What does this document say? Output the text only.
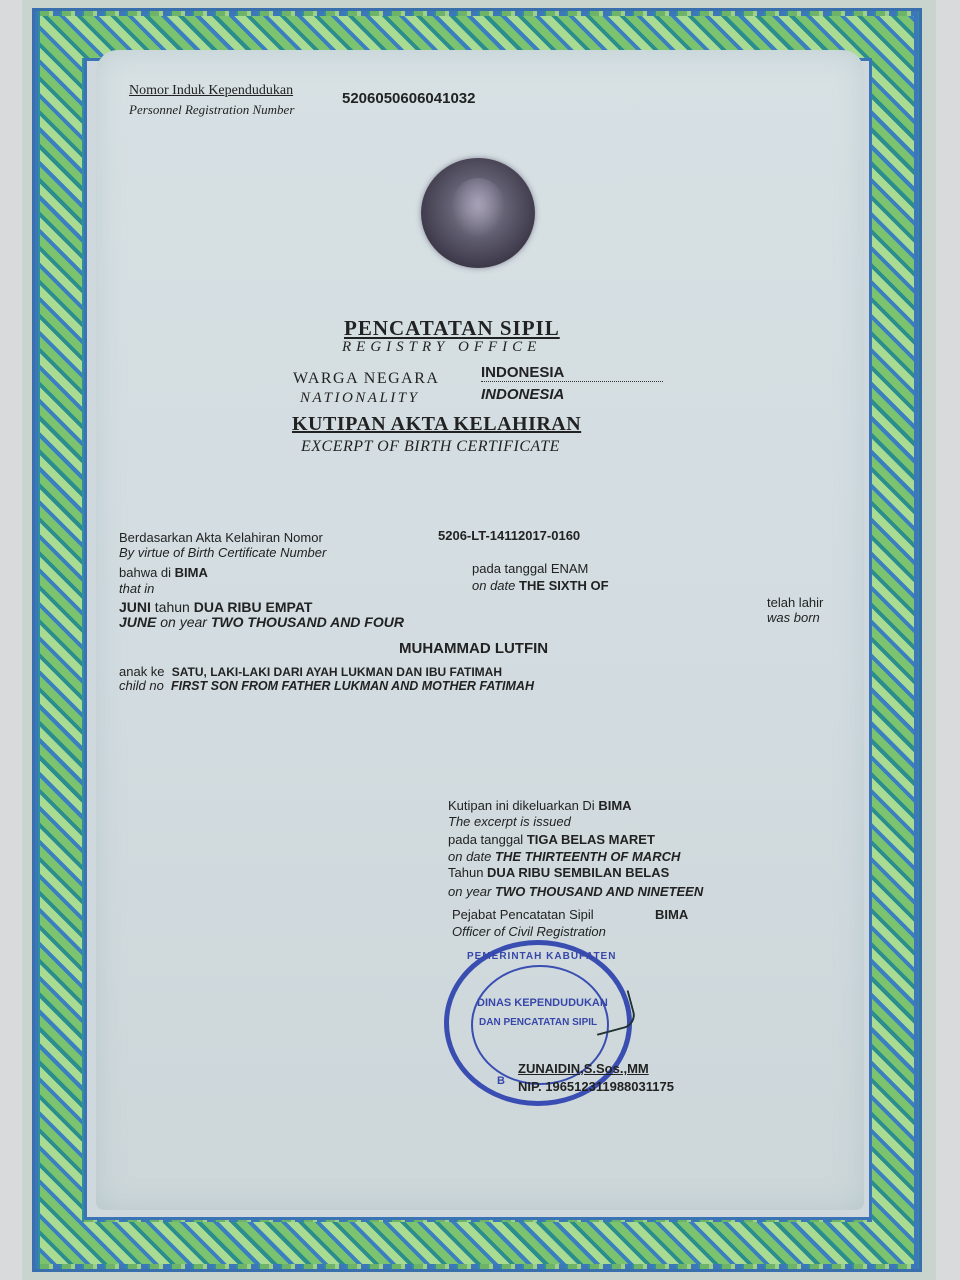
Nomor Induk Kependudukan
Personnel Registration Number
5206050606041032
PENCATATAN SIPIL
REGISTRY OFFICE
WARGA NEGARA	INDONESIA
NATIONALITY	INDONESIA
KUTIPAN AKTA KELAHIRAN
EXCERPT OF BIRTH CERTIFICATE
Berdasarkan Akta Kelahiran Nomor
By virtue of Birth Certificate Number
5206-LT-14112017-0160
bahwa di BIMA
that in
pada tanggal ENAM
on date THE SIXTH OF
JUNI tahun DUA RIBU EMPAT
JUNE on year TWO THOUSAND AND FOUR
telah lahir
was born
MUHAMMAD LUTFIN
anak ke SATU, LAKI-LAKI DARI AYAH LUKMAN DAN IBU FATIMAH
child no FIRST SON FROM FATHER LUKMAN AND MOTHER FATIMAH
Kutipan ini dikeluarkan Di BIMA
The excerpt is issued
pada tanggal TIGA BELAS MARET
on date THE THIRTEENTH OF MARCH
Tahun DUA RIBU SEMBILAN BELAS
on year TWO THOUSAND AND NINETEEN
Pejabat Pencatatan Sipil	BIMA
Officer of Civil Registration
PEMERINTAH KABUPATEN
DINAS KEPENDUDUKAN
DAN PENCATATAN SIPIL
B
ZUNAIDIN,S.Sos.,MM
NIP. 196512311988031175
